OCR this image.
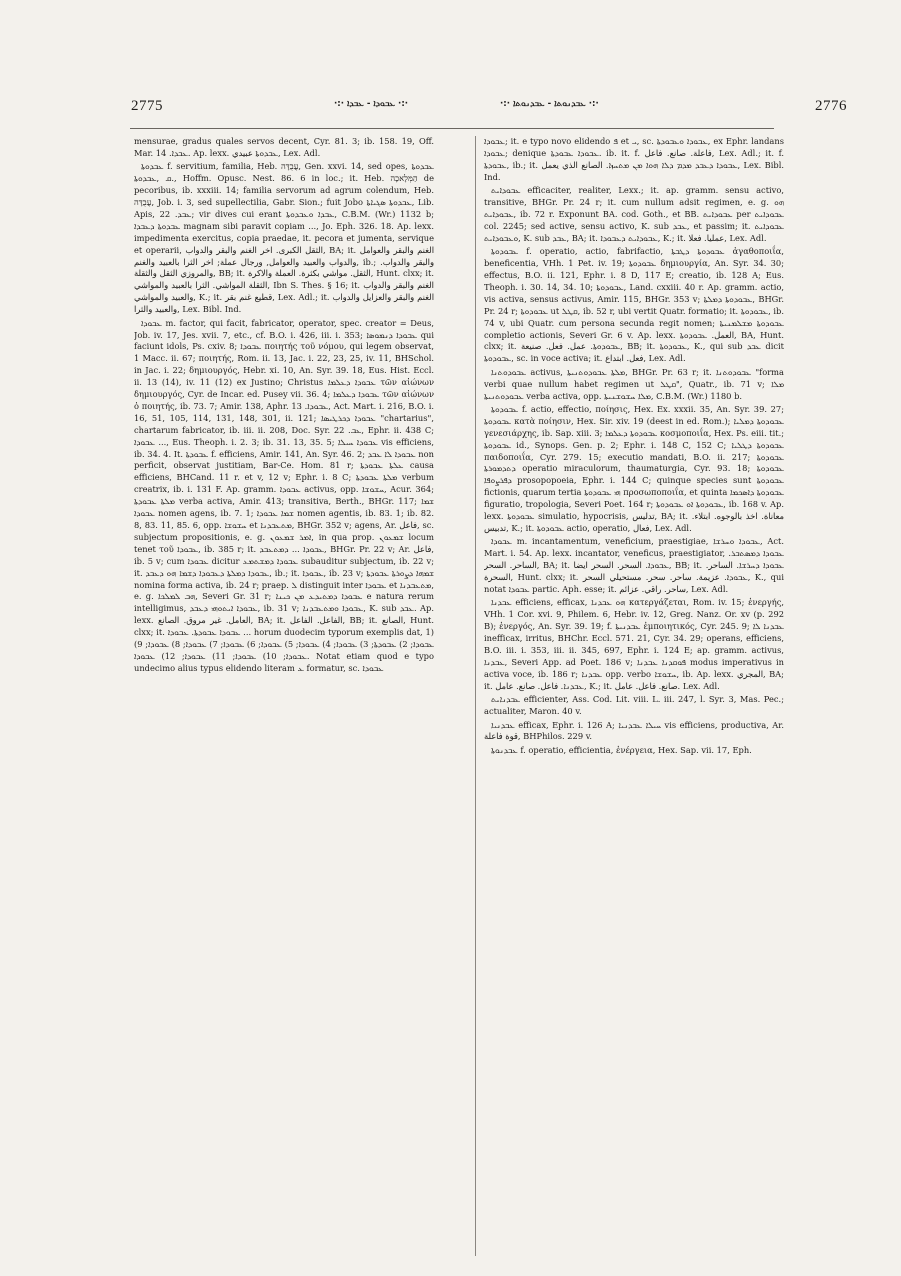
2775	·:· ܥܒܘܕܐ - ܥܒܕܐ ·:·	·:· ܥܒܕܢܘܬܐ - ܥܒܕܢܘܬܐ ·:·	2776

mensurae, gradus quales servos decent, Cyr. 81. 3; ib. 158. 19, Off. Mar. ܥܒܕܐ. 14. Ap. lexx. ܥܒܕܘܬܐ عبيدي, Lex. Adl.

ܥܒܕܘܬܐ f. servitium, familia, Heb. עֲבֻדָּה, Gen. xxvi. 14, sed opes, ܥܒܕܘܬܐ .ܩ ,ܥܒܕܘܬܐ, Hoffm. Opusc. Nest. 86. 6 in loc.; it. Heb. הַמְּלָאכָה de pecoribus, ib. xxxiii. 14; familia servorum ad agrum colendum, Heb. עֲבֻדָּה, Job. i. 3, sed supellectilia, Gabr. Sion.; fuit Jobo ܥܒܕܘܬܐ ܣܓܝܐܬܐ, Lib. Apis, ܥܒܕ. 22; vir dives cui erant ܥܒܕܐ ܘܥܒܕܘܬܐ, C.B.M. (Wr.) 1132 b; ܥܒܕܘܬܐ ܕܥܒܕܐ magnam sibi paravit copiam ..., Jo. Eph. 326. 18. Ap. lexx. impedimenta exercitus, copia praedae, it. pecora et jumenta, servique et operarii, الثقل الكبرى. اخر الغنم والبقر والدواب, BA; it. الغنم والبقر والعوامل والدواب والعبيد والعوامل, ورجال عملة; اخر الثرا بالعبيد والغنم, ib.; والبقر والدواب. والمروزي الثقل والثقلة, BB; it. الثقل. مواشي بكثرة. العملة والاكرة, Hunt. clxx; it. الثقلة المواشي. الثرا بالعبيد والمواشي, Ibn S. Thes. § 16; it. الغنم والبقر والدواب والعبيد والمواشي, K.; it. قطيع غنم بقر, Lex. Adl.; it. الغنم والبقر والعزايل والدواب والعبيد والثرا, Lex. Bibl. Ind.

ܥܒܘܕܐ m. factor, qui facit, fabricator, operator, spec. creator = Deus, Job. iv. 17, Jes. xvii. 7, etc., cf. B.O. i. 426, iii. i. 353; ܥܒܘܕܐ ܕܢܡܘܣܐ qui faciunt idols, Ps. cxiv. 8; ܥܒܘܕܐ ποιητής τοῦ νόμου, qui legem observat, 1 Macc. ii. 67; ποιητής, Rom. ii. 13, Jac. i. 22, 23, 25, iv. 11, BHSchol. in Jac. i. 22; δημιουργός, Hebr. xi. 10, An. Syr. 39. 18, Eus. Hist. Eccl. ii. 13 (14), iv. 11 (12) ex Justino; Christus ܥܒܘܕܐ ܕܥܠܡܐ τῶν αἰώνων δημιουργός, Cyr. de Incar. ed. Pusey vii. 36. 4; ܥܒܘܕܐ ܕܥܠܡܐ τῶν αἰώνων ὁ ποιητής, ib. 73. 7; Amir. 138, Aphr. ܥܒܘܕܐ. 13, Act. Mart. i. 216, B.O. i. 16, 51, 105, 114, 131, 148, 301, ii. 121; ܥܒܘܕܐ ܕܟܪܛܝܣܐ "chartarius", chartarum fabricator, ib. iii. ii. 208, Doc. Syr. ܥܒ. 22, Ephr. ii. 438 C; ܥܒܘܕܐ ..., Eus. Theoph. i. 2. 3; ib. 31. 13, 35. 5; ܥܒܘܕܐ ܚܝܠܐ vis efficiens, ib. 34. 4. It. ܥܒܘܕܬܐ f. efficiens, Amir. 141, An. Syr. 46. 2; ܥܒܘܕܐ ܠܐ ܥܒܕ non perficit, observat justitiam, Bar-Ce. Hom. 81 r; ܥܠܬܐ ܥܒܘܕܬܐ causa efficiens, BHCand. 11 r. et v, 12 v; Ephr. i. 8 C; ܡܠܬܐ ܥܒܘܕܬܐ verbum creatrix, ib. i. 131 F. Ap. gramm. ܥܒܘܕܐ activus, opp. ܚܫܘܫܐ, Acur. 364; ܡܠܬܐ ܥܒܘܕܬܐ verba activa, Amir. 413; transitiva, Berth., BHGr. 117; ܫܡܐ ܥܒܘܕܐ nomen agens, ib. 7. 1; ܫܡܐ ܥܒܘܕܐ nomen agentis, ib. 83. 1; ib. 82. 8, 83. 11, 85. 6, opp. ܚܫܘܫܐ et ܡܬܥܒܕܢܐ, BHGr. 352 v; agens, Ar. فاعل, sc. subjectum propositionis, e. g. ܐܡܪ ܫܡܥܘܢ, in qua prop. ܫܡܥܘܢ locum tenet τοῦ ܥܒܘܕܐ, ib. 385 r; it. ܥܒܘܕܐ ... ܕܡܬܥܒܕ, BHGr. Pr. 22 v; Ar. فاعل, ib. 5 v; cum ܥܒܘܕܐ dicitur ܥܒܘܕܐ ܕܡܫܬܡܥ subauditur subjectum, ib. 22 v; it. ܥܒܘܕܐ ܕܡܠܬܐ ܕܥܒܘܕܐ ܕܫܡܐ ܗܘ ܕܥܒܕ, ib.; it. ܥܒܘܕܐ, ib. 23 v; ܫܡܗܐ ܕܨܘܪܬܐ ܥܒܘܕܬܐ nomina forma activa, ib. 24 r; praep. ܠ distinguit inter ܥܒܘܕܐ et ܡܬܥܒܕܢܐ, e. g. ܗܒ ܠܡܠܟܐ, Severi Gr. 31 r; ܥܒܘܕܐ ܕܡܬܝܕܥ ܡܢ ܟܝܢܐ e natura rerum intelligimus, ܥܒܘܕܐ ܐܝܬܘܗܝ ܕܥܒܕ, ib. 31 v; ܥܒܘܕܐ ܘܡܬܥܒܕܢܐ, K. sub ܥܒܕ. Ap. lexx. العامل. غير مروق. الصانع, BA; it. الفاعل. الفاعل, BB; it. الصانع, Hunt. clxx; it. ܥܒܘܕܐ ܥܒܘܕܬܐ. ܥܒܘܕܐ ... horum duodecim typorum exemplis dat, 1) ܥܒܘܕܐ; 2) ܥܒܘܕܬܐ; 3) ܥܒܘܕܐ; 4) ܥܒܘܕܐ; 5) ܥܒܘܕܐ; 6) ܥܒܘܕܐ; 7) ܥܒܘܕܐ; 8) ܥܒܘܕܐ; 9) ܥܒܘܕܐ; 10) ܥܒܘܕܐ; 11) ܥܒܘܕܐ; 12) ܥܒܘܕܐ. Notat etiam quod e typo undecimo alius typus elidendo literam ܥ formatur, sc. ܥܒܘܕܐ

ܥܒܘܕܐ; it. e typo novo elidendo ܦ et ܝ, sc. ܥܒܘܕܐ ܘܥܒܘܕܬܐ, ex Ephr. landans ܥܒܘܕܐ; denique ܥܒܘܕܐ ܥܒܘܕܬܐ. ib. it. f. فاعلة. صانع. فاعل, Lex. Adl.; it. f. ܥܒܘܕܬܐ, ib.; it. ܥܒܘܕܐ ܕܥܒܕ ܡܕܡ ܕܠܐ ܗܘܐ ܡܢ ܡܬܚܙܐ. الصانع الذي يعمل, Lex. Bibl. Ind.

ܥܒܘܕܐܝܬ efficaciter, realiter, Lexx.; it. ap. gramm. sensu activo, transitive, BHGr. Pr. 24 r; it. cum nullum adsit regimen, e. g. ܗܘ ܥܒܘܕܐܝܬ, ib. 72 r. Exponunt BA. cod. Goth., et BB. ܥܒܘܕܐܝܬ per ܥܒܘܕܐܝܬ col. 2245; sed active, sensu activo, K. sub ܥܒܕ, et passim; it. ܥܒܘܕܐܝܬ ܘܥܒܘܕܐܝܬ, K. sub ܥܒܕ, BA; it. ܥܒܘܕܐܝܬ ܕܥܒܘܕܐ, K.; it. عمليا. فعلا, Lex. Adl.

ܥܒܘܕܘܬܐ f. operatio, actio, fabrifactio, ܥܒܘܕܘܬܐ ܕܛܒܬܐ ἀγαθοποιΐα, beneficentia, VHh. 1 Pet. iv. 19; ܥܒܘܕܘܬܐ δημιουργία, An. Syr. 34. 30; effectus, B.O. ii. 121, Ephr. i. 8 D, 117 E; creatio, ib. 128 A; Eus. Theoph. i. 30. 14, 34. 10; ܥܒܘܕܘܬܐ, Land. cxxiii. 40 r. Ap. gramm. actio, vis activa, sensus activus, Amir. 115, BHGr. 353 v; ܥܒܘܕܘܬܐ ܕܡܠܬܐ, BHGr. Pr. 24 r; ܥܒܘܕܘܬܐ ut ܩܛܠ, ib. 52 r, ubi vertit Quatr. formatio; it. ܥܒܘܕܘܬܐ, ib. 74 v, ubi Quatr. cum persona secunda regit nomen; ܥܒܘܕܘܬܐ ܡܫܠܡܢܝܬܐ completio actionis, Severi Gr. 6 v. Ap. lexx. العمل. ܥܒܘܕܘܬܐ, BA, Hunt. clxx; it. ܥܒܘܕܘܬܐ. عمل. فعل. صنيعة, BB; it. ܥܒܘܕܘܬܐ, K., qui sub ܥܒܕ dicit ܥܒܘܕܘܬܐ, sc. in voce activa; it. فعل. ابتداع, Lex. Adl.

ܥܒܘܕܘܬܢܐ activus, ܡܠܬܐ ܥܒܘܕܘܬܢܝܬܐ, BHGr. Pr. 63 r; it. ܥܒܘܕܘܬܢܐ "forma verbi quae nullum habet regimen ut ܩܛܠ", Quatr., ib. 71 v; ܡܠܐ ܥܒܘܕܘܬܢܝܬܐ verba activa, opp. ܡܠܐ ܚܫܘܫܢܝܬܐ, C.B.M. (Wr.) 1180 b.

ܥܒܘܕܘܬܐ f. actio, effectio, ποίησις, Hex. Ex. xxxii. 35, An. Syr. 39. 27; ܥܒܘܕܘܬܐ κατὰ ποίησιν, Hex. Sir. xiv. 19 (deest in ed. Rom.); ܥܒܘܕܘܬܐ ܕܡܠܝܐ γενεσιάρχης, ib. Sap. xiii. 3; ܥܒܘܕܘܬܐ ܕܥܠܡܐ κοσμοποιΐα, Hex. Ps. eiii. tit.; ܥܒܘܕܘܬܐ id., Synops. Gen. p. 2; Ephr. i. 148 C, 152 C; ܥܒܘܕܘܬܐ ܕܛܠܝܐ παιδοποιΐα, Cyr. 279. 15; executio mandati, B.O. ii. 217; ܥܒܘܕܘܬܐ ܕܬܕܡܘܪܬܐ operatio miraculorum, thaumaturgia, Cyr. 93. 18; ܥܒܘܕܘܬܐ ܕܦܪܨܘܦܐ prosopopoeia, Ephr. i. 144 C; quinque species sunt ܥܒܘܕܘܬܐ fictionis, quarum tertia ܗܝ ܥܒܘܕܘܬܐ προσωποποιΐα, et quinta ܥܒܘܕܘܬܐ ܕܐܣܟܡܐ figuratio, tropologia, Severi Poet. 164 r; ܥܒܘܕܘܬܐ ܐܘ ܥܒܘܕܘܬܐ, ib. 168 v. Ap. lexx. ܥܒܘܕܘܬܐ simulatio, hypocrisis, تدليس, BA; it. معاناة. اخذ بالوجوه. ابتلاء. تدبيس, K.; it. ܥܒܘܕܘܬܐ actio, operatio, فعال, Lex. Adl.

ܥܒܘܕܐ m. incantamentum, veneficium, praestigiae, ܥܒܘܕܐ ܘܚܪܫܐ, Act. Mart. i. 54. Ap. lexx. incantator, veneficus, praestigiator, ܥܒܘܕܐ ܕܡܣܬܒܪ. الساحر. السحر, BA; it. ܥܒܘܕܐ. السحر. السحر ايضا, BB; it. ܥܒܘܕܐ ܕܚܪܫܐ. الساحر. السحرة, Hunt. clxx; it. ܥܒܘܕܐ. عزيمة. ساحر. سحر. مستحيلي السحر, K., qui notat ܥܒܘܕܐ partic. Aph. esse; it. ساحر. راقي. عزائم, Lex. Adl.

ܥܒܕܢܐ efficiens, efficax, ܗܘ ܥܒܕܢܐ κατεργάζεται, Rom. iv. 15; ἐνεργής, VHh. 1 Cor. xvi. 9, Philem. 6, Hebr. iv. 12, Greg. Nanz. Or. xv (p. 292 B); ἐνεργός, An. Syr. 39. 19; f. ܥܒܕܢܝܬܐ ἐμποιητικός, Cyr. 245. 9; ܥܒܕܢܐ ܠܐ inefficax, irritus, BHChr. Eccl. 571. 21, Cyr. 34. 29; operans, efficiens, B.O. iii. i. 353, iii. ii. 345, 697, Ephr. i. 124 E; ap. gramm. activus, ܥܒܕܢܐ, Severi App. ad Poet. 186 v; ܦܘܩܕܢܐ ܥܒܕܢܐ modus imperativus in activa voce, ib. 186 r; ܥܒܕܢܐ opp. verbo ܚܫܘܫܐ, ib. Ap. lexx. المجري, BA; it. ܥܒܕܢܐ. فاعل. صانع. عامل, K.; it. صانع. فاعل. عامل. Lex. Adl.

ܥܒܕܢܐܝܬ efficienter, Ass. Cod. Lit. viii. L. iii. 247, l. Syr. 3, Mas. Pec.; actualiter, Maron. 40 v.

ܥܒܕܢܝܐ efficax, Ephr. i. 126 A; ܚܝܠܐ ܥܒܕܢܝܐ vis efficiens, productiva, Ar. قوة فاعلة, BHPhilos. 229 v.

ܥܒܕܢܘܬܐ f. operatio, efficientia, ἐνέργεια, Hex. Sap. vii. 17, Eph.
